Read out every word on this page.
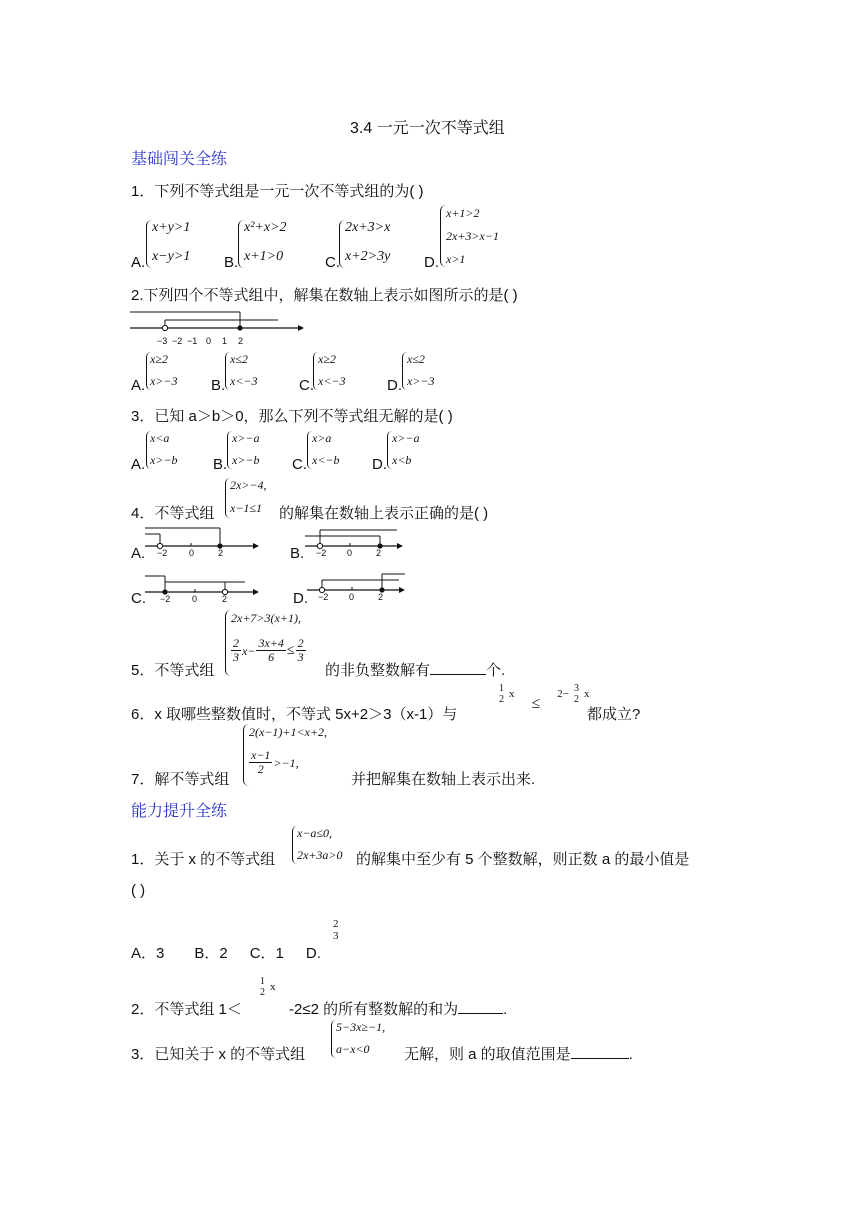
3.4 一元一次不等式组
基础闯关全练
1．下列不等式组是一元一次不等式组的为( )
A.
x+y>1
x−y>1 B.
x²+x>2
x+1>0	C.
2x+3>x
x+2>3y D.
x+1>2
2x+3>x−1
x>1
2.下列四个不等式组中，解集在数轴上表示如图所示的是( )
−3 −2 −1 0 1 2
A.
x≥2
x>−3 B.
x≤2
x<−3	C.
x≥2
x<−3	D.
x≤2
x>−3
3．已知 a＞b＞0，那么下列不等式组无解的是( )
A.
x<a
x>−b B.
x>−a
x>−b C.
x>a
x<−b D.
x>−a
x<b
4．不等式组
2x>−4,
x−1≤1 的解集在数轴上表示正确的是( )
A. −2 0	2	B. −2 0	2
C. −2 0	2	D. −2 0	2
5．不等式组
2x+7>3(x+1),
$\frac{2}{3} x- \frac{3x+4}{6} \le \frac{2}{3}$
的非负整数解有	个.
6．x 取哪些整数值时，不等式 5x+2＞3（x-1）与
1
2 x
≤
2− 3
2 x
都成立?
7．解不等式组
2(x−1)+1<x+2,
$\frac{x-1}{2} >-1$,
并把解集在数轴上表示出来.
能力提升全练
1．关于 x 的不等式组
x−a≤0,
2x+3a>0 的解集中至少有 5 个整数解，则正数 a 的最小值是
( )
A．3 B．2 C．1 D.
2
3
2．不等式组 1＜
1
2 x
-2≤2 的所有整数解的和为	.
3．已知关于 x 的不等式组
5−3x≥−1,
a−x<0 无解，则 a 的取值范围是	.
